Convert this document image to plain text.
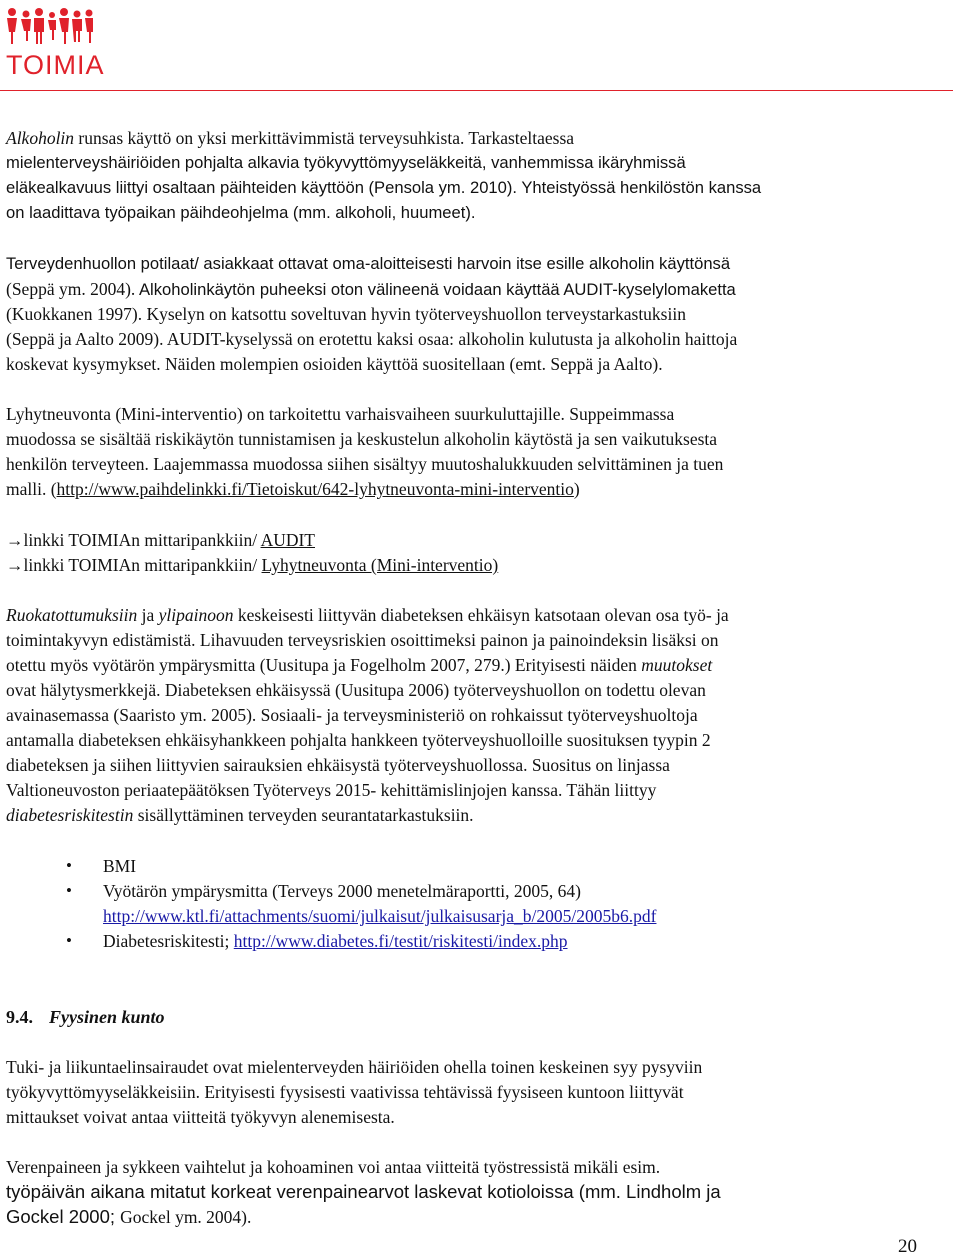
TOIMIA
Alkoholin runsas käyttö on yksi merkittävimmistä terveysuhkista. Tarkasteltaessa
mielenterveyshäiriöiden pohjalta alkavia työkyvyttömyyseläkkeitä, vanhemmissa ikäryhmissä
eläkealkavuus liittyi osaltaan päihteiden käyttöön (Pensola ym. 2010). Yhteistyössä henkilöstön kanssa
on laadittava työpaikan päihdeohjelma (mm. alkoholi, huumeet).
Terveydenhuollon potilaat/ asiakkaat ottavat oma-aloitteisesti harvoin itse esille alkoholin käyttönsä
(Seppä ym. 2004). Alkoholinkäytön puheeksi oton välineenä voidaan käyttää AUDIT-kyselylomaketta
(Kuokkanen 1997). Kyselyn on katsottu soveltuvan hyvin työterveyshuollon terveystarkastuksiin
(Seppä ja Aalto 2009). AUDIT-kyselyssä on erotettu kaksi osaa: alkoholin kulutusta ja alkoholin haittoja
koskevat kysymykset. Näiden molempien osioiden käyttöä suositellaan (emt. Seppä ja Aalto).
Lyhytneuvonta (Mini-interventio) on tarkoitettu varhaisvaiheen suurkuluttajille. Suppeimmassa
muodossa se sisältää riskikäytön tunnistamisen ja keskustelun alkoholin käytöstä ja sen vaikutuksesta
henkilön terveyteen. Laajemmassa muodossa siihen sisältyy muutoshalukkuuden selvittäminen ja tuen
malli. (http://www.paihdelinkki.fi/Tietoiskut/642-lyhytneuvonta-mini-interventio)
→linkki TOIMIAn mittaripankkiin/ AUDIT
→linkki TOIMIAn mittaripankkiin/ Lyhytneuvonta (Mini-interventio)
Ruokatottumuksiin ja ylipainoon keskeisesti liittyvän diabeteksen ehkäisyn katsotaan olevan osa työ- ja
toimintakyvyn edistämistä. Lihavuuden terveysriskien osoittimeksi painon ja painoindeksin lisäksi on
otettu myös vyötärön ympärysmitta (Uusitupa ja Fogelholm 2007, 279.) Erityisesti näiden muutokset
ovat hälytysmerkkejä. Diabeteksen ehkäisyssä (Uusitupa 2006) työterveyshuollon on todettu olevan
avainasemassa (Saaristo ym. 2005). Sosiaali- ja terveysministeriö on rohkaissut työterveyshuoltoja
antamalla diabeteksen ehkäisyhankkeen pohjalta hankkeen työterveyshuolloille suosituksen tyypin 2
diabeteksen ja siihen liittyvien sairauksien ehkäisystä työterveyshuollossa. Suositus on linjassa
Valtioneuvoston periaatepäätöksen Työterveys 2015- kehittämislinjojen kanssa. Tähän liittyy
diabetesriskitestin sisällyttäminen terveyden seurantatarkastuksiin.
• BMI
• Vyötärön ympärysmitta (Terveys 2000 menetelmäraportti, 2005, 64)
http://www.ktl.fi/attachments/suomi/julkaisut/julkaisusarja_b/2005/2005b6.pdf
• Diabetesriskitesti; http://www.diabetes.fi/testit/riskitesti/index.php
9.4. Fyysinen kunto
Tuki- ja liikuntaelinsairaudet ovat mielenterveyden häiriöiden ohella toinen keskeinen syy pysyviin
työkyvyttömyyseläkkeisiin. Erityisesti fyysisesti vaativissa tehtävissä fyysiseen kuntoon liittyvät
mittaukset voivat antaa viitteitä työkyvyn alenemisesta.
Verenpaineen ja sykkeen vaihtelut ja kohoaminen voi antaa viitteitä työstressistä mikäli esim.
työpäivän aikana mitatut korkeat verenpainearvot laskevat kotioloissa (mm. Lindholm ja
Gockel 2000; Gockel ym. 2004).
20
